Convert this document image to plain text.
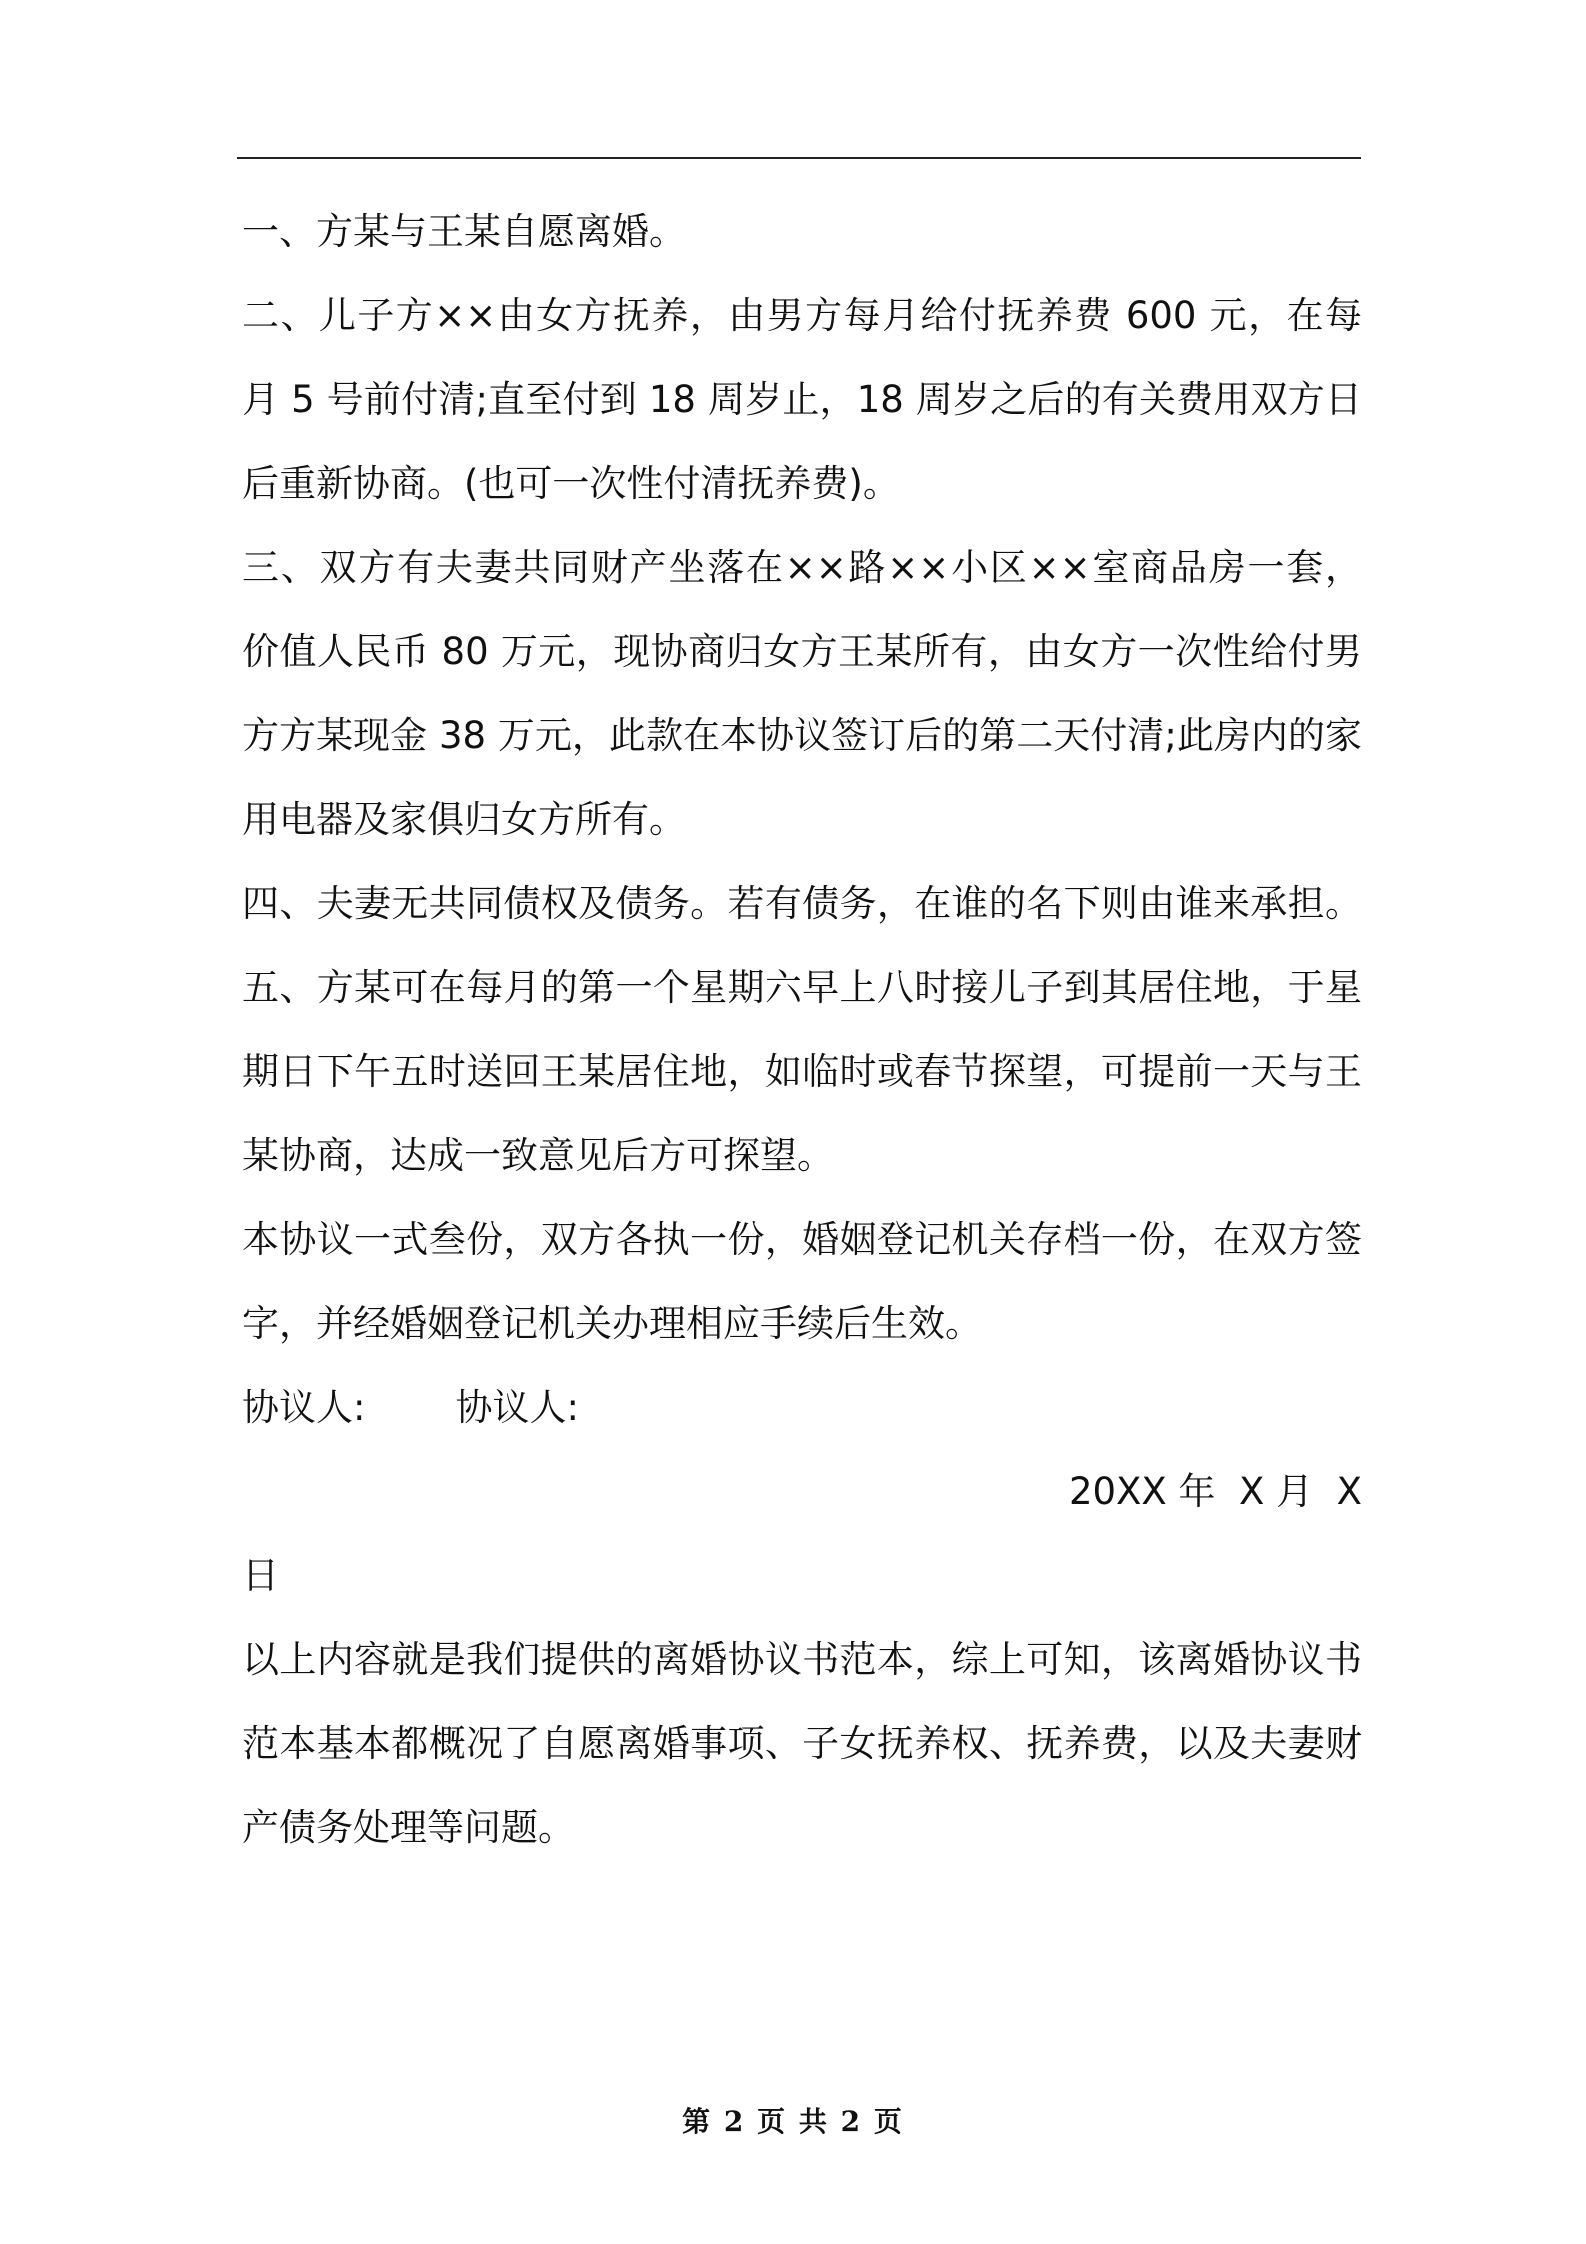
一、方某与王某自愿离婚。
二、儿子方××由女方抚养，由男方每月给付抚养费 600 元，在每
月 5 号前付清;直至付到 18 周岁止，18 周岁之后的有关费用双方日
后重新协商。(也可一次性付清抚养费)。
三、双方有夫妻共同财产坐落在××路××小区××室商品房一套，
价值人民币 80 万元，现协商归女方王某所有，由女方一次性给付男
方方某现金 38 万元，此款在本协议签订后的第二天付清;此房内的家
用电器及家俱归女方所有。
四、夫妻无共同债权及债务。若有债务，在谁的名下则由谁来承担。
五、方某可在每月的第一个星期六早上八时接儿子到其居住地，于星
期日下午五时送回王某居住地，如临时或春节探望，可提前一天与王
某协商，达成一致意见后方可探望。
本协议一式叁份，双方各执一份，婚姻登记机关存档一份，在双方签
字，并经婚姻登记机关办理相应手续后生效。
协议人: 协议人:
20XX 年  X 月  X
日
以上内容就是我们提供的离婚协议书范本，综上可知，该离婚协议书
范本基本都概况了自愿离婚事项、子女抚养权、抚养费，以及夫妻财
产债务处理等问题。
第 2 页 共 2 页
